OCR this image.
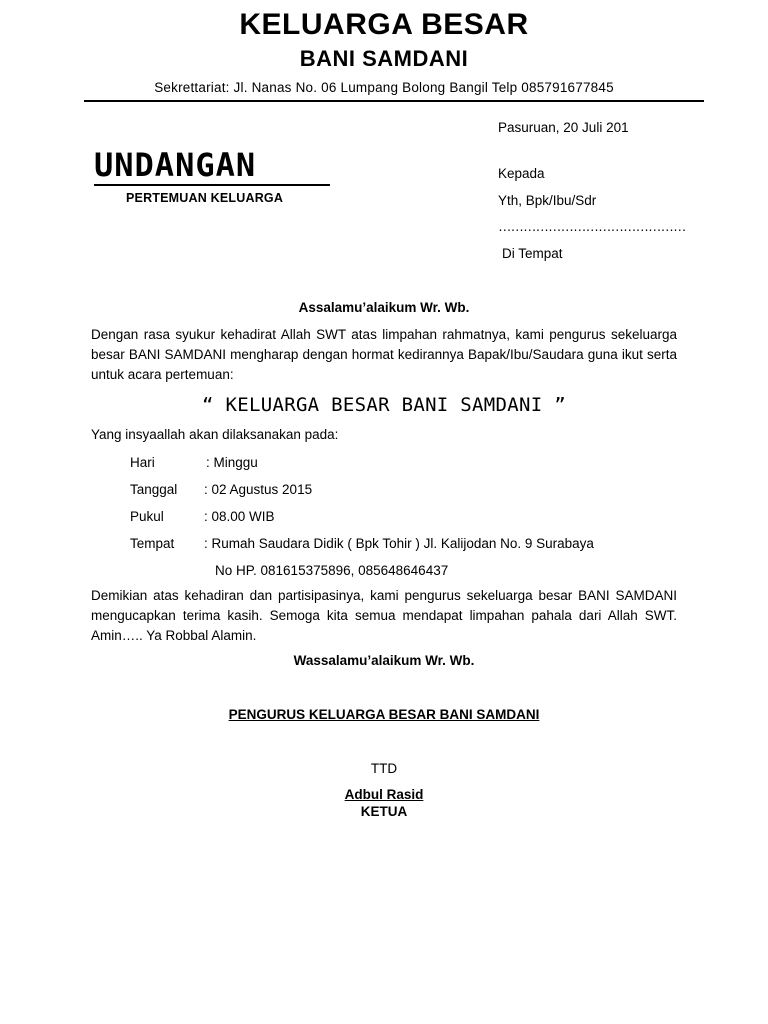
KELUARGA BESAR
BANI SAMDANI
Sekrettariat: Jl. Nanas No. 06 Lumpang Bolong Bangil Telp 085791677845
Pasuruan, 20 Juli 201
Kepada
Yth, Bpk/Ibu/Sdr
………………………………………
Di Tempat
UNDANGAN
PERTEMUAN KELUARGA
Assalamu’alaikum Wr. Wb.
Dengan rasa syukur kehadirat Allah SWT atas limpahan rahmatnya, kami pengurus sekeluarga besar BANI SAMDANI mengharap dengan hormat kedirannya Bapak/Ibu/Saudara guna ikut serta untuk acara pertemuan:
“ KELUARGA BESAR BANI SAMDANI ”
Yang insyaallah akan dilaksanakan pada:
Hari	: Minggu
Tanggal : 02 Agustus 2015
Pukul	: 08.00 WIB
Tempat : Rumah Saudara Didik ( Bpk Tohir ) Jl. Kalijodan No. 9 Surabaya
No HP. 081615375896, 085648646437
Demikian atas kehadiran dan partisipasinya, kami pengurus sekeluarga besar BANI SAMDANI mengucapkan terima kasih. Semoga kita semua mendapat limpahan pahala dari Allah SWT. Amin….. Ya Robbal Alamin.
Wassalamu’alaikum Wr. Wb.
PENGURUS KELUARGA BESAR BANI SAMDANI
TTD
Adbul Rasid
KETUA
